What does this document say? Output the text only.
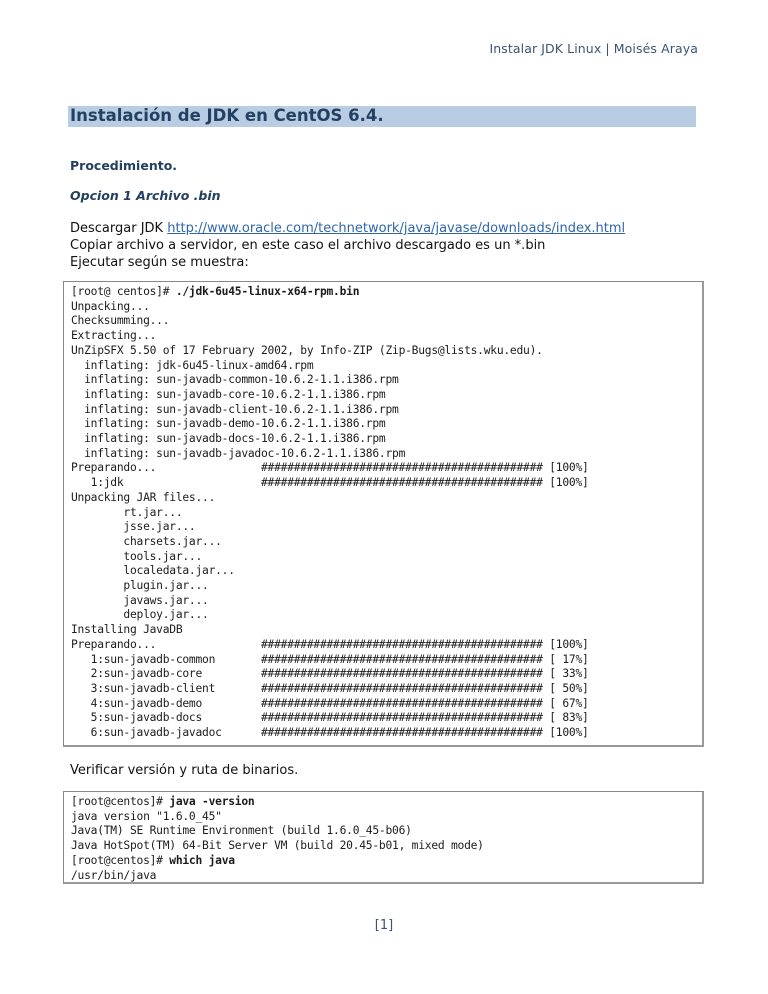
Instalar JDK Linux | Moisés Araya
Instalación de JDK en CentOS 6.4.
Procedimiento.
Opcion 1 Archivo .bin
Descargar JDK http://www.oracle.com/technetwork/java/javase/downloads/index.html
Copiar archivo a servidor, en este caso el archivo descargado es un *.bin
Ejecutar según se muestra:
[root@ centos]# ./jdk-6u45-linux-x64-rpm.bin
Unpacking...
Checksumming...
Extracting...
UnZipSFX 5.50 of 17 February 2002, by Info-ZIP (Zip-Bugs@lists.wku.edu).
inflating: jdk-6u45-linux-amd64.rpm
inflating: sun-javadb-common-10.6.2-1.1.i386.rpm
inflating: sun-javadb-core-10.6.2-1.1.i386.rpm
inflating: sun-javadb-client-10.6.2-1.1.i386.rpm
inflating: sun-javadb-demo-10.6.2-1.1.i386.rpm
inflating: sun-javadb-docs-10.6.2-1.1.i386.rpm
inflating: sun-javadb-javadoc-10.6.2-1.1.i386.rpm
Preparando...                ########################################### [100%]
1:jdk                     ########################################### [100%]
Unpacking JAR files...
rt.jar...
jsse.jar...
charsets.jar...
tools.jar...
localedata.jar...
plugin.jar...
javaws.jar...
deploy.jar...
Installing JavaDB
Preparando...                ########################################### [100%]
1:sun-javadb-common       ########################################### [ 17%]
2:sun-javadb-core         ########################################### [ 33%]
3:sun-javadb-client       ########################################### [ 50%]
4:sun-javadb-demo         ########################################### [ 67%]
5:sun-javadb-docs         ########################################### [ 83%]
6:sun-javadb-javadoc      ########################################### [100%]
Verificar versión y ruta de binarios.
[root@centos]# java -version
java version "1.6.0_45"
Java(TM) SE Runtime Environment (build 1.6.0_45-b06)
Java HotSpot(TM) 64-Bit Server VM (build 20.45-b01, mixed mode)
[root@centos]# which java
/usr/bin/java
[1]
